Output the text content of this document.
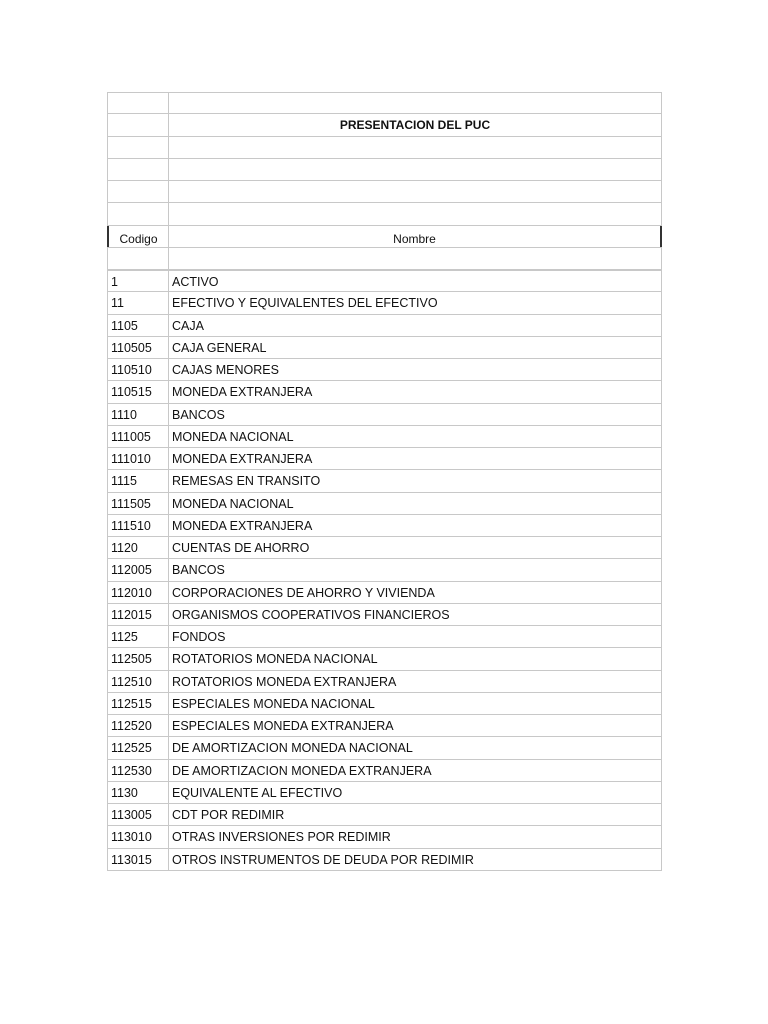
PRESENTACION DEL PUC
Codigo	Nombre
1	ACTIVO
11	EFECTIVO Y EQUIVALENTES DEL EFECTIVO
1105	CAJA
110505	CAJA GENERAL
110510	CAJAS MENORES
110515	MONEDA EXTRANJERA
1110	BANCOS
111005	MONEDA NACIONAL
111010	MONEDA EXTRANJERA
1115	REMESAS EN TRANSITO
111505	MONEDA NACIONAL
111510	MONEDA EXTRANJERA
1120	CUENTAS DE AHORRO
112005	BANCOS
112010	CORPORACIONES DE AHORRO Y VIVIENDA
112015	ORGANISMOS COOPERATIVOS FINANCIEROS
1125	FONDOS
112505	ROTATORIOS MONEDA NACIONAL
112510	ROTATORIOS MONEDA EXTRANJERA
112515	ESPECIALES MONEDA NACIONAL
112520	ESPECIALES MONEDA EXTRANJERA
112525	DE AMORTIZACION MONEDA NACIONAL
112530	DE AMORTIZACION MONEDA EXTRANJERA
1130	EQUIVALENTE AL EFECTIVO
113005	CDT POR REDIMIR
113010	OTRAS INVERSIONES POR REDIMIR
113015	OTROS INSTRUMENTOS DE DEUDA POR REDIMIR
